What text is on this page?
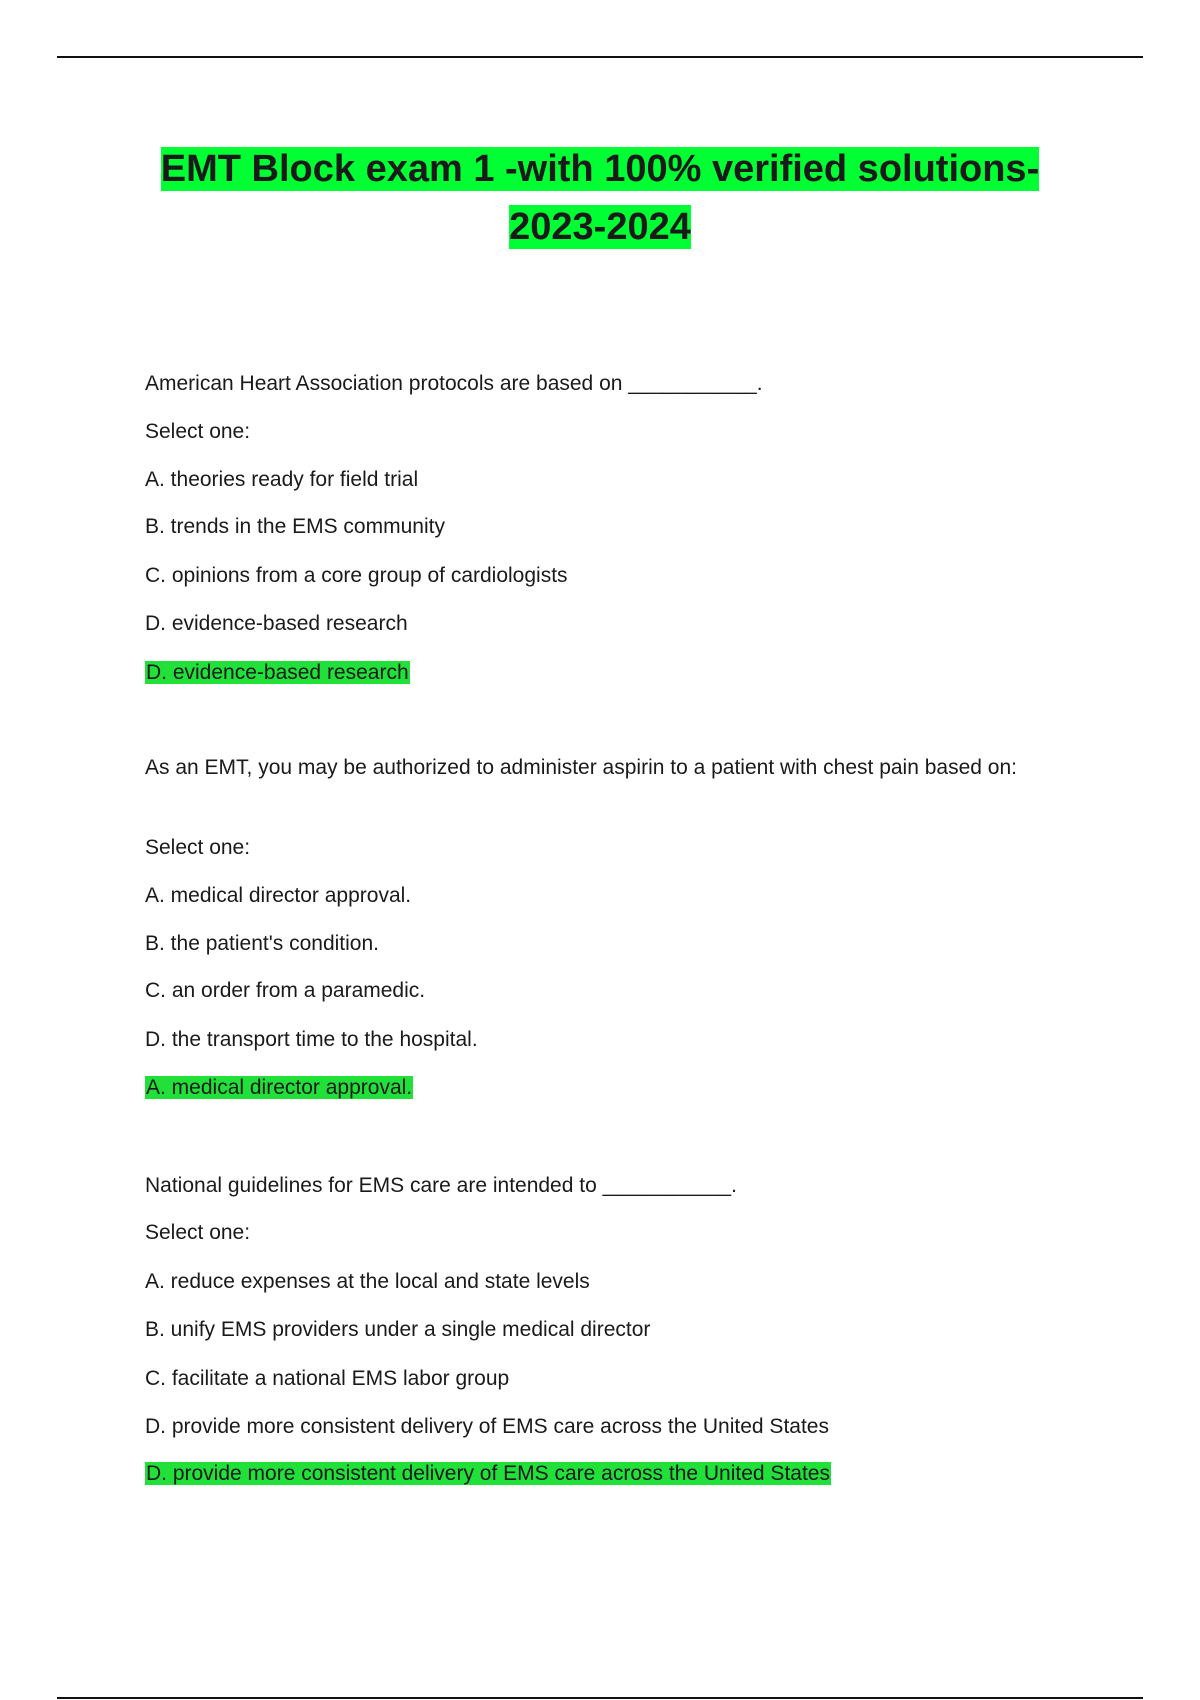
EMT Block exam 1 -with 100% verified solutions-
2023-2024

American Heart Association protocols are based on ___________.

Select one:

A. theories ready for field trial

B. trends in the EMS community

C. opinions from a core group of cardiologists

D. evidence-based research

D. evidence-based research

As an EMT, you may be authorized to administer aspirin to a patient with chest pain based on:

Select one:

A. medical director approval.

B. the patient's condition.

C. an order from a paramedic.

D. the transport time to the hospital.

A. medical director approval.

National guidelines for EMS care are intended to ___________.

Select one:

A. reduce expenses at the local and state levels

B. unify EMS providers under a single medical director

C. facilitate a national EMS labor group

D. provide more consistent delivery of EMS care across the United States

D. provide more consistent delivery of EMS care across the United States
